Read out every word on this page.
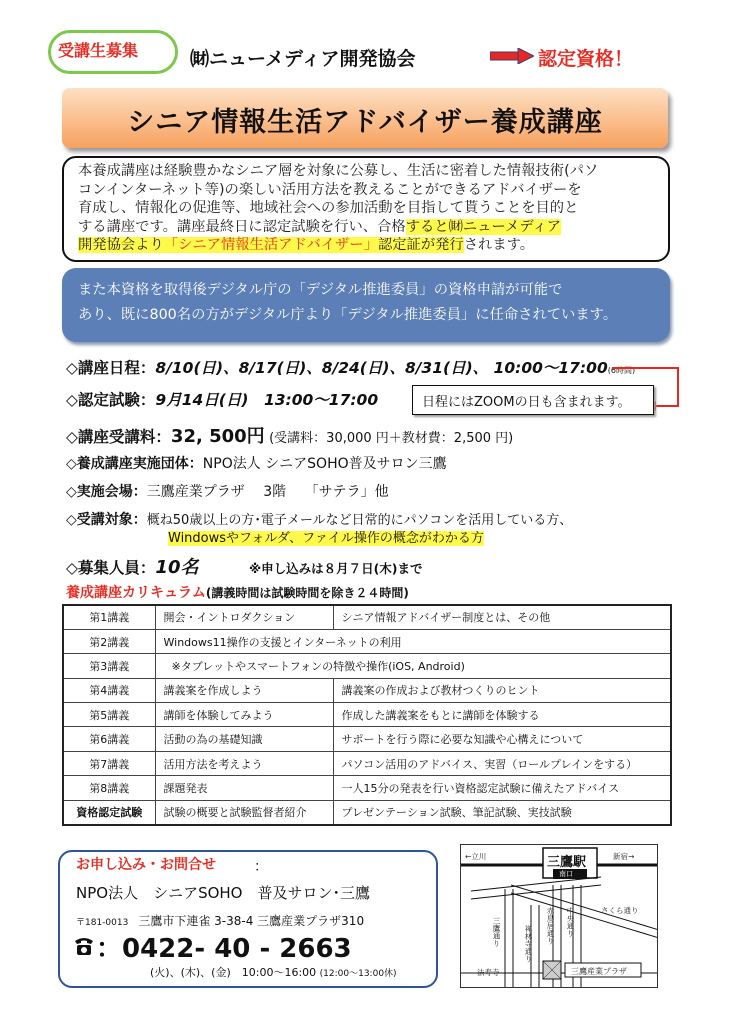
受講生募集	㈶ニューメディア開発協会	認定資格！
シニア情報生活アドバイザー養成講座
本養成講座は経験豊かなシニア層を対象に公募し、生活に密着した情報技術(パソ
コンインターネット等)の楽しい活用方法を教えることができるアドバイザーを
育成し、情報化の促進等、地域社会への参加活動を目指して貰うことを目的と
する講座です。講座最終日に認定試験を行い、合格すると㈶ニューメディア
開発協会より「シニア情報生活アドバイザー」認定証が発行されます。
また本資格を取得後デジタル庁の「デジタル推進委員」の資格申請が可能で
あり、既に800名の方がデジタル庁より「デジタル推進委員」に任命されています。
◇講座日程：8/10(日)、8/17(日)、8/24(日)、8/31(日)、 10:00～17:00(6時間)
◇認定試験：9月14日(日)　13:00～17:00	日程にはZOOMの日も含まれます。
◇講座受講料：32, 500円 (受講料：30,000 円＋教材費：2,500 円)
◇養成講座実施団体：NPO法人 シニアSOHO普及サロン三鷹
◇実施会場：三鷹産業プラザ　 3階　 「サテラ」他
◇受講対象：概ね50歳以上の方･電子メールなど日常的にパソコンを活用している方、
Windowsやフォルダ、ファイル操作の概念がわかる方
◇募集人員：10名	※申し込みは８月７日(木)まで
養成講座カリキュラム(講義時間は試験時間を除き２４時間)
第1講義	開会・イントロダクション	シニア情報アドバイザー制度とは、その他
第2講義	Windows11操作の支援とインターネットの利用	
第3講義	※タブレットやスマートフォンの特徴や操作(iOS, Android)	
第4講義	講義案を作成しよう	講義案の作成および教材つくりのヒント
第5講義	講師を体験してみよう	作成した講義案をもとに講師を体験する
第6講義	活動の為の基礎知識	サポートを行う際に必要な知識や心構えについて
第7講義	活用方法を考えよう	パソコン活用のアドバイス、実習（ロールプレインをする）
第8講義	課題発表	一人15分の発表を行い資格認定試験に備えたアドバイス
資格認定試験	試験の概要と試験監督者紹介	プレゼンテーション試験、筆記試験、実技試験
お申し込み・お問合せ	：
NPO法人　シニアSOHO　普及サロン･三鷹
〒181-0013 三鷹市下連雀 3-38-4 三鷹産業プラザ310
：0422- 40 - 2663
(火)、(木)、(金)　10:00～16:00 (12:00～13:00休)
三鷹駅
南口
←立川	新宿→
さくら通り
三鷹通り	禅林寺通り 赤鳥居通り 中央通り
法寿寺	三鷹産業プラザ
